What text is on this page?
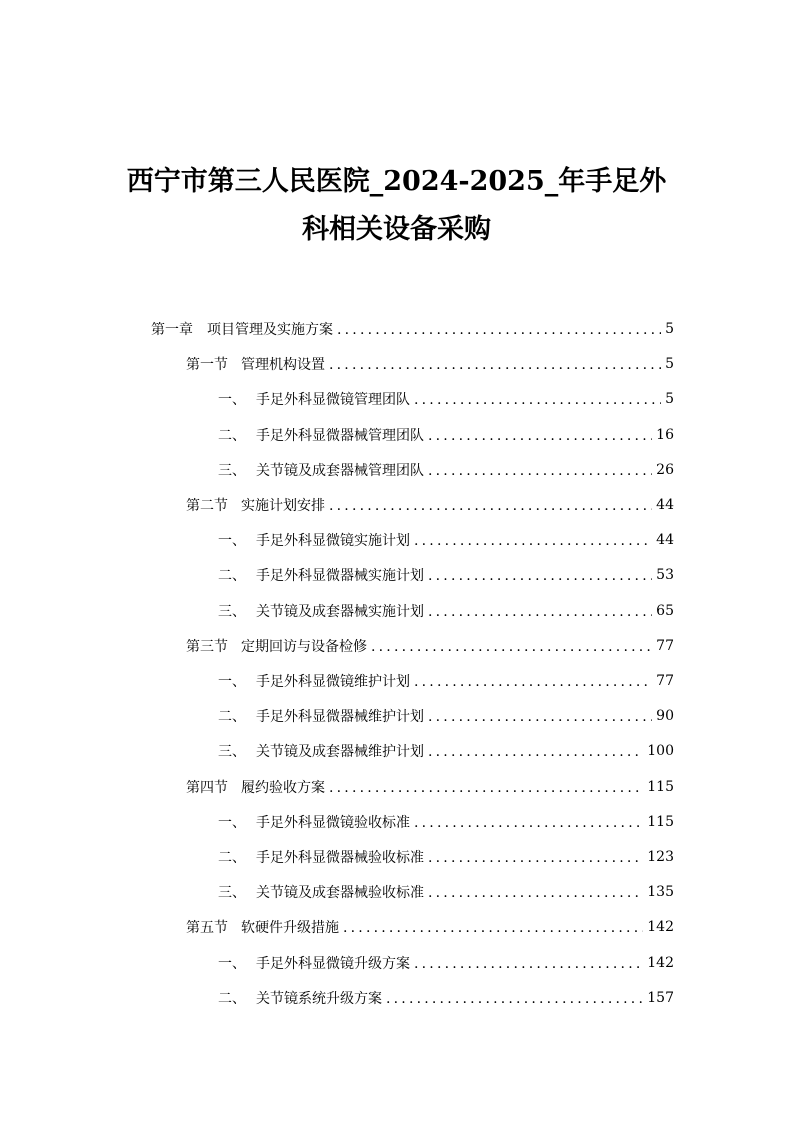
西宁市第三人民医院_2024-2025_年手足外
科相关设备采购
第一章	项目管理及实施方案 .....	5
第一节 管理机构设置 .....	5
一、 手足外科显微镜管理团队 .....	5
二、 手足外科显微器械管理团队 .....	16
三、 关节镜及成套器械管理团队 .....	26
第二节 实施计划安排 .....	44
一、 手足外科显微镜实施计划 .....	44
二、 手足外科显微器械实施计划 .....	53
三、 关节镜及成套器械实施计划 .....	65
第三节 定期回访与设备检修 .....	77
一、 手足外科显微镜维护计划 .....	77
二、 手足外科显微器械维护计划 .....	90
三、 关节镜及成套器械维护计划 .....	100
第四节 履约验收方案 .....	115
一、 手足外科显微镜验收标准 .....	115
二、 手足外科显微器械验收标准 .....	123
三、 关节镜及成套器械验收标准 .....	135
第五节 软硬件升级措施 .....	142
一、 手足外科显微镜升级方案 .....	142
二、 关节镜系统升级方案 .....	157
